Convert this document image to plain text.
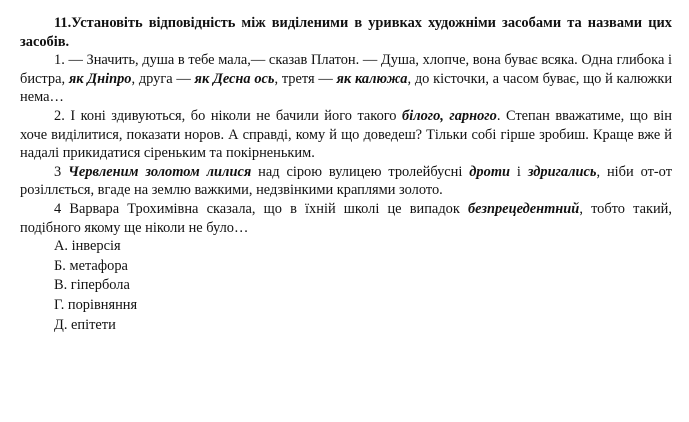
11.Установіть відповідність між виділеними в уривках художніми засобами та назвами цих засобів.

1. — Значить, душа в тебе мала,— сказав Платон. — Душа, хлопче, вона буває всяка. Одна глибока і бистра, як Дніпро, друга — як Десна ось, третя — як калюжа, до кісточки, а часом буває, що й калюжки нема…

2. І коні здивуються, бо ніколи не бачили його такого білого, гарного. Степан вважатиме, що він хоче виділитися, показати норов. А справді, кому й що доведеш? Тільки собі гірше зробиш. Краще вже й надалі прикидатися сіреньким та покірненьким.

3 Червленим золотом лилися над сірою вулицею тролейбусні дроти і здригались, ніби от-от розіллється, вгаде на землю важкими, недзвінкими краплями золото.

4 Варвара Трохимівна сказала, що в їхній школі це випадок безпрецедентний, тобто такий, подібного якому ще ніколи не було…

А. інверсія
Б. метафора
В. гіпербола
Г. порівняння
Д. епітети
